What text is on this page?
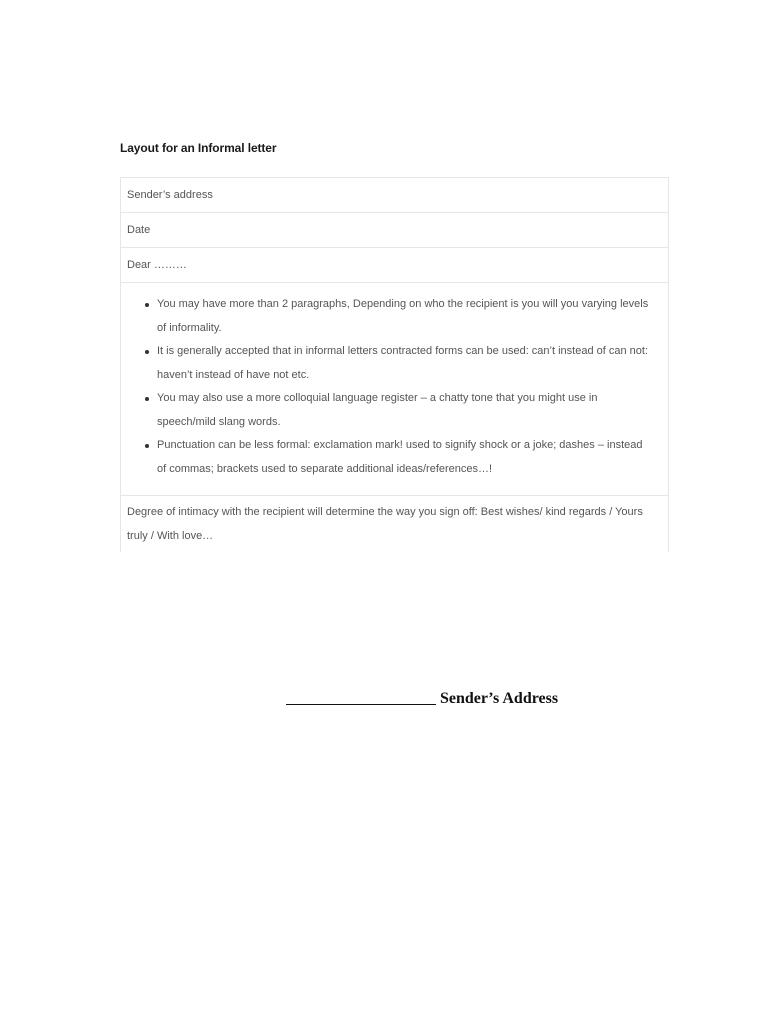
Layout for an Informal letter
Sender’s address
Date
Dear ………
You may have more than 2 paragraphs, Depending on who the recipient is you will you varying levels of informality.
It is generally accepted that in informal letters contracted forms can be used: can’t instead of can not: haven’t instead of have not etc.
You may also use a more colloquial language register – a chatty tone that you might use in speech/mild slang words.
Punctuation can be less formal: exclamation mark! used to signify shock or a joke; dashes – instead of commas; brackets used to separate additional ideas/references…!
Degree of intimacy with the recipient will determine the way you sign off: Best wishes/ kind regards / Yours truly / With love…
Sender’s Address
